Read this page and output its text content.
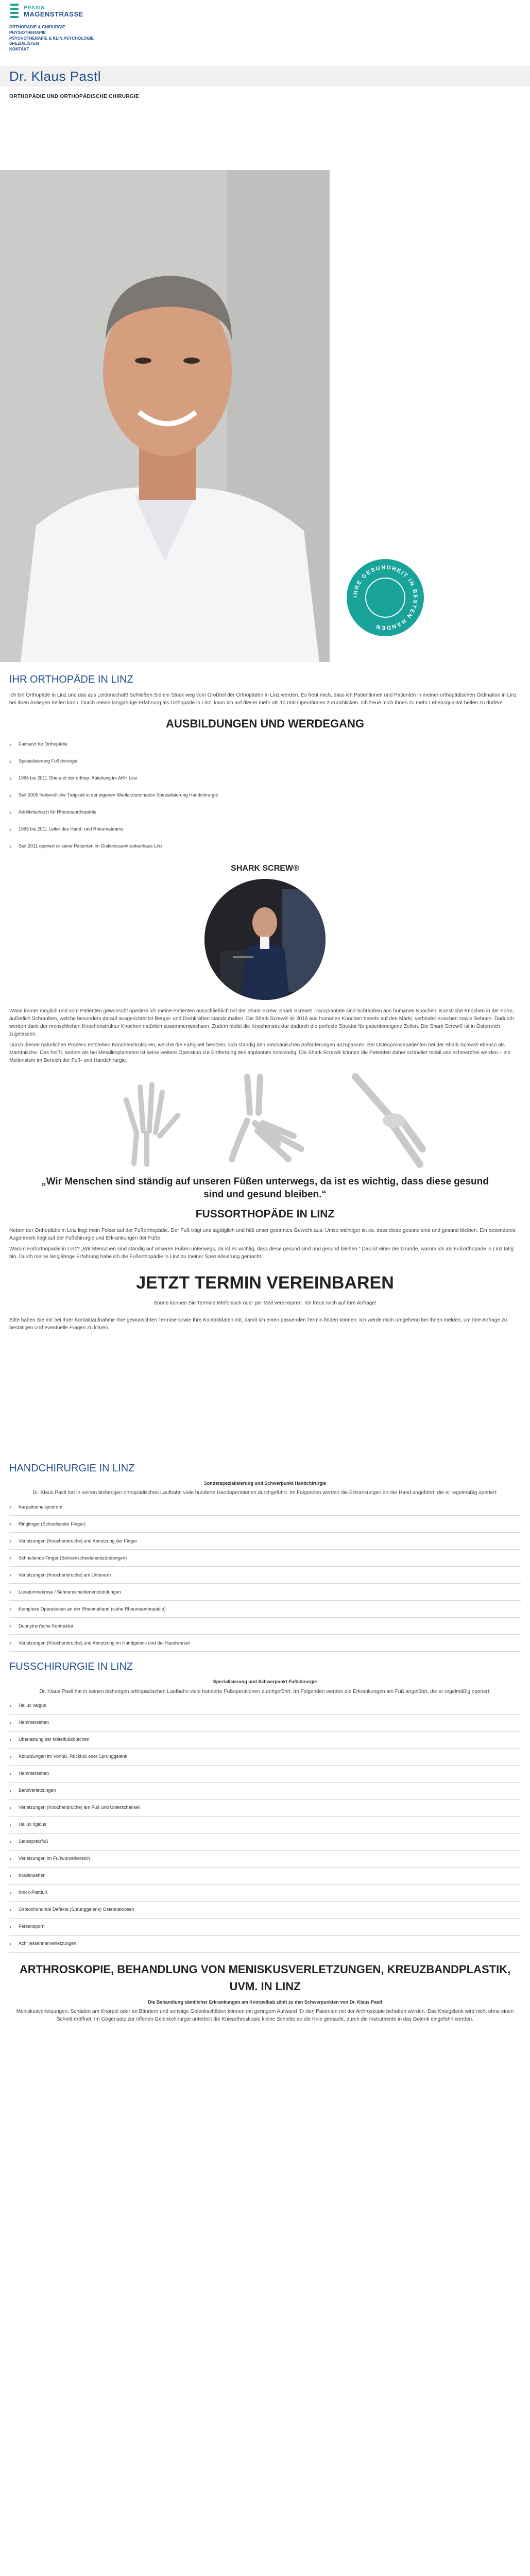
PRAXIS
MAGENSTRASSE
ORTHOPÄDIE & CHIRURGIE
PHYSIOTHERAPIE
PSYCHOTHERAPIE & KLIN.PSYCHOLOGIE
SPEZIALISTEN
KONTAKT
Dr. Klaus Pastl
ORTHOPÄDIE UND ORTHOPÄDISCHE CHIRURGIE
IHRE GESUNDHEIT IN BESTEN HÄNDEN
IHR ORTHOPÄDE IN LINZ

Ich bin Orthopäde in Linz und das aus Leidenschaft! Schließen Sie ein Stück weg vom Großteil der Orthopäden in Linz werden. Es freut mich, dass ich Patientinnen und Patienten in meiner orthopädischen Ordination in Linz bei ihren Anliegen helfen kann. Durch meine langjährige Erfahrung als Orthopäde in Linz, kann ich auf dieser mehr als 10.000 Operationen zurückblicken. Ich freue mich Ihnen zu mehr Lebensqualität helfen zu dürfen!

AUSBILDUNGEN UND WERDEGANG
›	Facharzt für Orthopädie
›	Spezialisierung Fußchirurgie
›	1996 bis 2011 Oberarzt der orthop. Abteilung im AKH Linz
›	Seit 2005 freiberufliche Tätigkeit in der eigenen Wahlarztordination Spezialisierung Handchirurgie
›	Additivfacharzt für Rheumaorthopädie
›	1996 bis 2011 Leiter des Hand- und Rheumateams
›	Seit 2011 operiert er seine Patienten im Diakonissenkrankenhaus Linz
SHARK SCREW®

Wann immer möglich und vom Patienten gewünscht operiere ich meine Patienten ausschließlich mit der Shark Screw. Shark Screw® Transplantate sind Schrauben aus humanen Knochen. Künstliche Knochen in der Form, äußerlich Schrauben, welche besonders darauf ausgerichtet ist Beuge- und Drehkräften standzuhalten. Die Shark Screw® ist 2016 aus humanen Knochen bereits auf den Markt, verbindet Knochen sowie Sehnen. Dadurch werden dank der menschlichen Knochenstruktur Knochen natürlich zusammenwachsen. Zudem bleibt die Knochenstruktur dadurch die perfekte Struktur für patienteneigene Zellen. Die Shark Screw® ist in Österreich zugelassen.

Durch diesen natürlichen Prozess entstehen Knochenstrukturen, welche die Fähigkeit besitzen, sich ständig den mechanischen Anforderungen anzupassen. Bei Osteoporosepatienten bei der Shark Screw® ebenso als Marktnische. Das heißt, anders als bei Metallimplantaten ist keine weitere Operation zur Entfernung des Implantats notwendig. Die Shark Screw® können die Patienten daher schneller mobil und schmerzfrei werden – ein Meilenstein im Bereich der Fuß- und Handchirurgie.

„Wir Menschen sind ständig auf unseren Füßen unterwegs, da ist es wichtig, dass diese gesund sind und gesund bleiben.“

FUSSORTHOPÄDE IN LINZ

Neben der Orthopädie in Linz liegt mein Fokus auf der Fußorthopädie. Der Fuß trägt uns tagtäglich und hält unser gesamtes Gewicht aus. Umso wichtiger ist es, dass diese gesund sind und gesund bleiben. Ein besonderes Augenmerk liegt auf der Fußchirurgie und Erkrankungen der Füße.

Warum Fußorthopädie in Linz? „Wir Menschen sind ständig auf unseren Füßen unterwegs, da ist es wichtig, dass diese gesund sind und gesund bleiben.“ Das ist einer der Gründe, warum ich als Fußorthopäde in Linz tätig bin. Durch meine langjährige Erfahrung habe ich die Fußorthopädie in Linz zu meiner Spezialisierung gemacht.

JETZT TERMIN VEREINBAREN

Sonne können Sie Termine telefonisch oder per Mail vereinbaren. Ich freue mich auf Ihre Anfrage!

Bitte haben Sie mir bei Ihrer Kontaktaufnahme Ihre gewünschten Termine sowie Ihre Kontaktdaten mit, damit ich einen passenden Termin finden können. Ich werde mich umgehend bei Ihnen melden, um Ihre Anfrage zu bestätigen und eventuelle Fragen zu klären.

HANDCHIRURGIE IN LINZ

Sonderspezialisierung und Schwerpunkt Handchirurgie

Dr. Klaus Pastl hat in seinen bisherigen orthopädischen Laufbahn viele hunderte Handoperationen durchgeführt. Im Folgenden werden die Erkrankungen an der Hand angeführt, die er regelmäßig operiert:

›	Karpaltunnelsyndrom
›	Ringfinger (Schnellender Finger)
›	Verletzungen (Knochenbrüche) und Abnutzung der Finger
›	Schnellende Finger (Sehnenscheidenentzündungen)
›	Verletzungen (Knochenbrüche) am Unterarm
›	Lunatumnekrose / Sehnenscheidenentzündungen
›	Komplexe Operationen an der Rheumahand (siehe Rheumaorthopädie)
›	Dupuytren'sche Kontraktur
›	Verletzungen (Knochenbrüche) und Abnutzung im Handgelenk und der Handwurzel
FUSSCHIRURGIE IN LINZ

Spezialisierung und Schwerpunkt Fußchirurgie

Dr. Klaus Pastl hat in seinen bisherigen orthopädischen Laufbahn viele hunderte Fußoperationen durchgeführt. Im Folgenden werden die Erkrankungen am Fuß angeführt, die er regelmäßig operiert:

›	Hallux valgus
›	Hammerzehen
›	Überlastung der Mittelfußköpfchen
›	Abnutzungen im Vorfuß, Rückfuß oder Sprunggelenk
›	Hammerzehen
›	Bandverletzungen
›	Verletzungen (Knochenbrüche) am Fuß und Unterschenkel
›	Hallux rigidus
›	Senkspreizfuß
›	Verletzungen im Fußwurzelbereich
›	Krallenzehen
›	Knick-Plattfuß
›	Osteochondrale Defekte (Sprunggelenk) Osteonekrosen
›	Fersensporn
›	Achillessehnenverletzungen
ARTHROSKOPIE, BEHANDLUNG VON MENISKUSVERLETZUNGEN, KREUZBANDPLASTIK, UVM. IN LINZ

Die Behandlung sämtlicher Erkrankungen am Knorpelbab zählt zu den Schwerpunkten von Dr. Klaus Pastl

Meniskusverletzungen, Schäden am Knorpel oder an Bändern und sonstige Gelenkschäden können mit geringem Aufwand für den Patienten mit der Arthroskopie behoben werden. Das Kniegelenk wird nicht ohne einen Schnitt eröffnet. Im Gegensatz zur offenen Gelenkchirurgie unterteilt die Kniearthroskopie kleine Schnitte an die Knie gemacht, durch die Instrumente in das Gelenk eingeführt werden.
